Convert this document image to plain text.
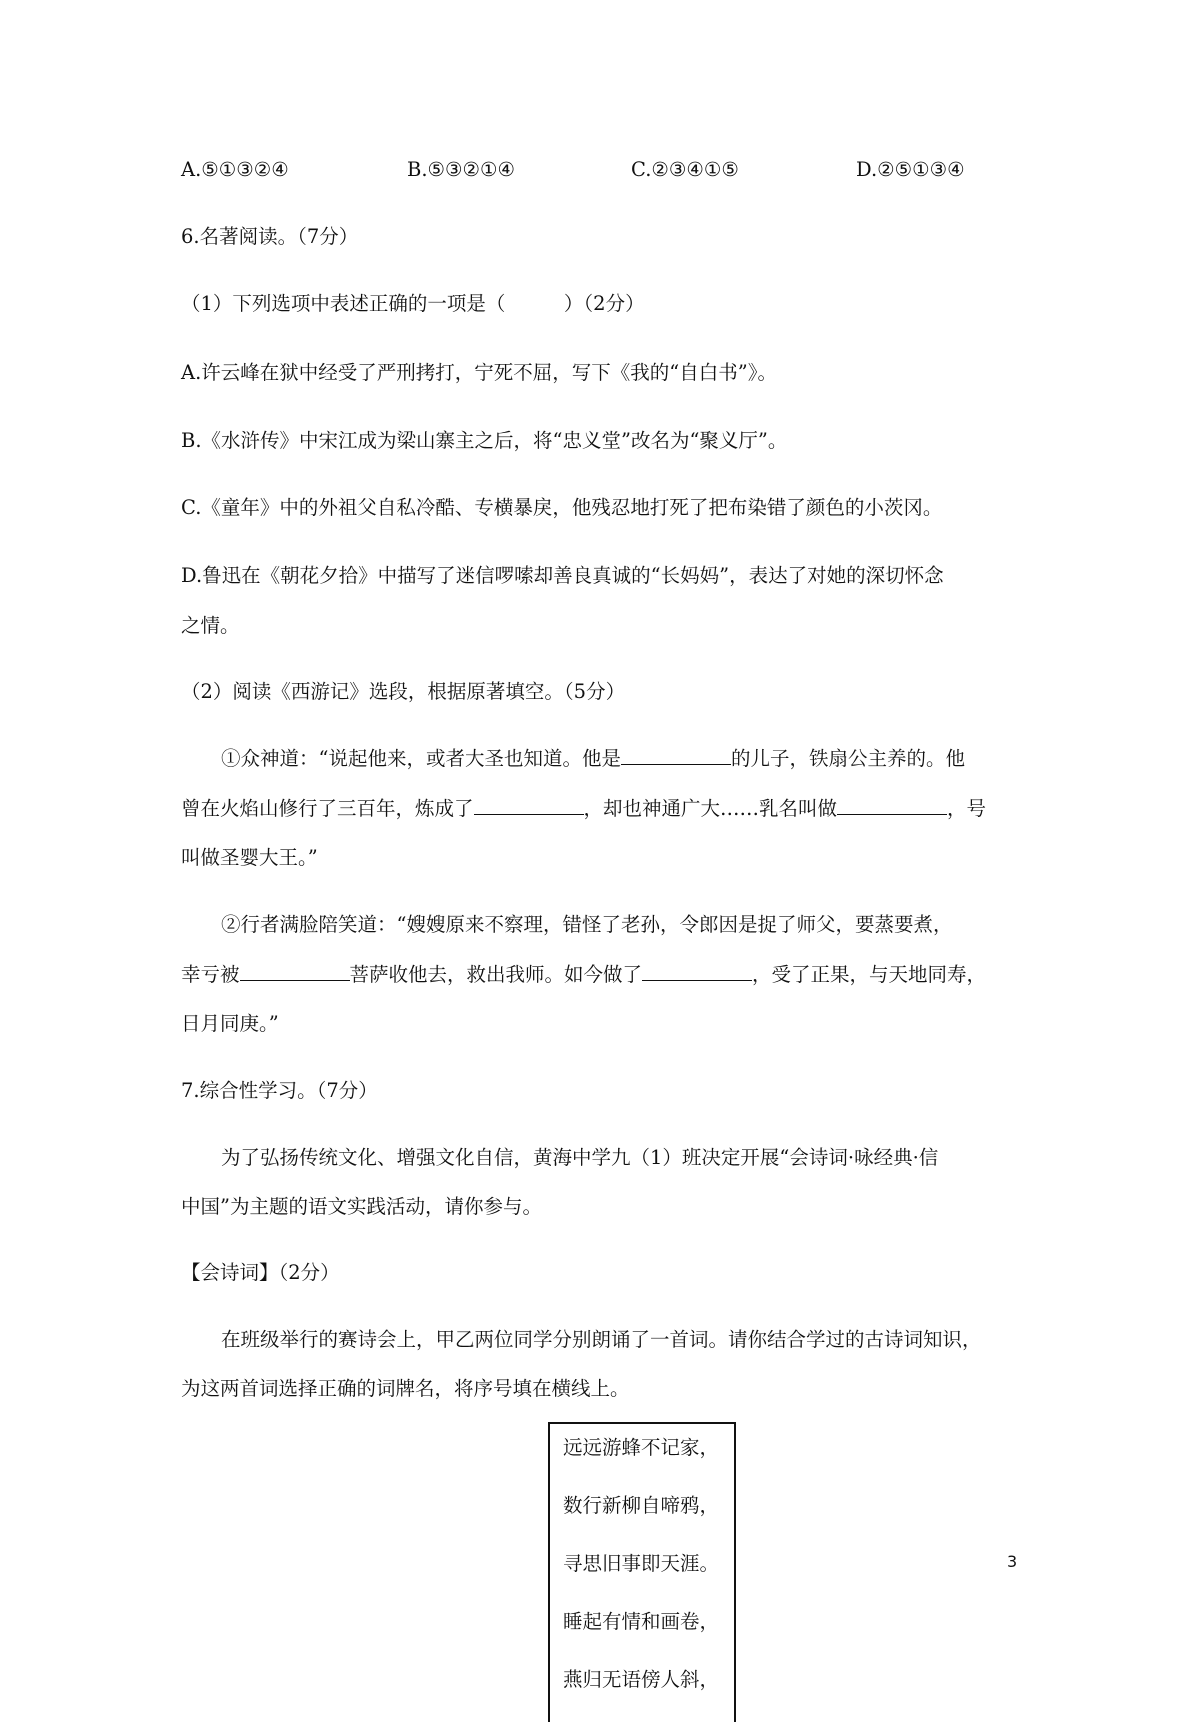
A.⑤①③②④	B.⑤③②①④	C.②③④①⑤	D.②⑤①③④
6.名著阅读。（7分）
（1）下列选项中表述正确的一项是（　　　）（2分）
A.许云峰在狱中经受了严刑拷打，宁死不屈，写下《我的“自白书”》。
B.《水浒传》中宋江成为梁山寨主之后，将“忠义堂”改名为“聚义厅”。
C.《童年》中的外祖父自私冷酷、专横暴戾，他残忍地打死了把布染错了颜色的小茨冈。
D.鲁迅在《朝花夕拾》中描写了迷信啰嗦却善良真诚的“长妈妈”，表达了对她的深切怀念
之情。
（2）阅读《西游记》选段，根据原著填空。（5分）
①众神道：“说起他来，或者大圣也知道。他是	的儿子，铁扇公主养的。他
曾在火焰山修行了三百年，炼成了	，却也神通广大……乳名叫做	，号
叫做圣婴大王。”
②行者满脸陪笑道：“嫂嫂原来不察理，错怪了老孙，令郎因是捉了师父，要蒸要煮，
幸亏被	菩萨收他去，救出我师。如今做了	，受了正果，与天地同寿，
日月同庚。”
7.综合性学习。（7分）
为了弘扬传统文化、增强文化自信，黄海中学九（1）班决定开展“会诗词·咏经典·信
中国”为主题的语文实践活动，请你参与。
【会诗词】（2分）
在班级举行的赛诗会上，甲乙两位同学分别朗诵了一首词。请你结合学过的古诗词知识，
为这两首词选择正确的词牌名，将序号填在横线上。
远远游蜂不记家，
数行新柳自啼鸦，
寻思旧事即天涯。
睡起有情和画卷，
燕归无语傍人斜，
3
